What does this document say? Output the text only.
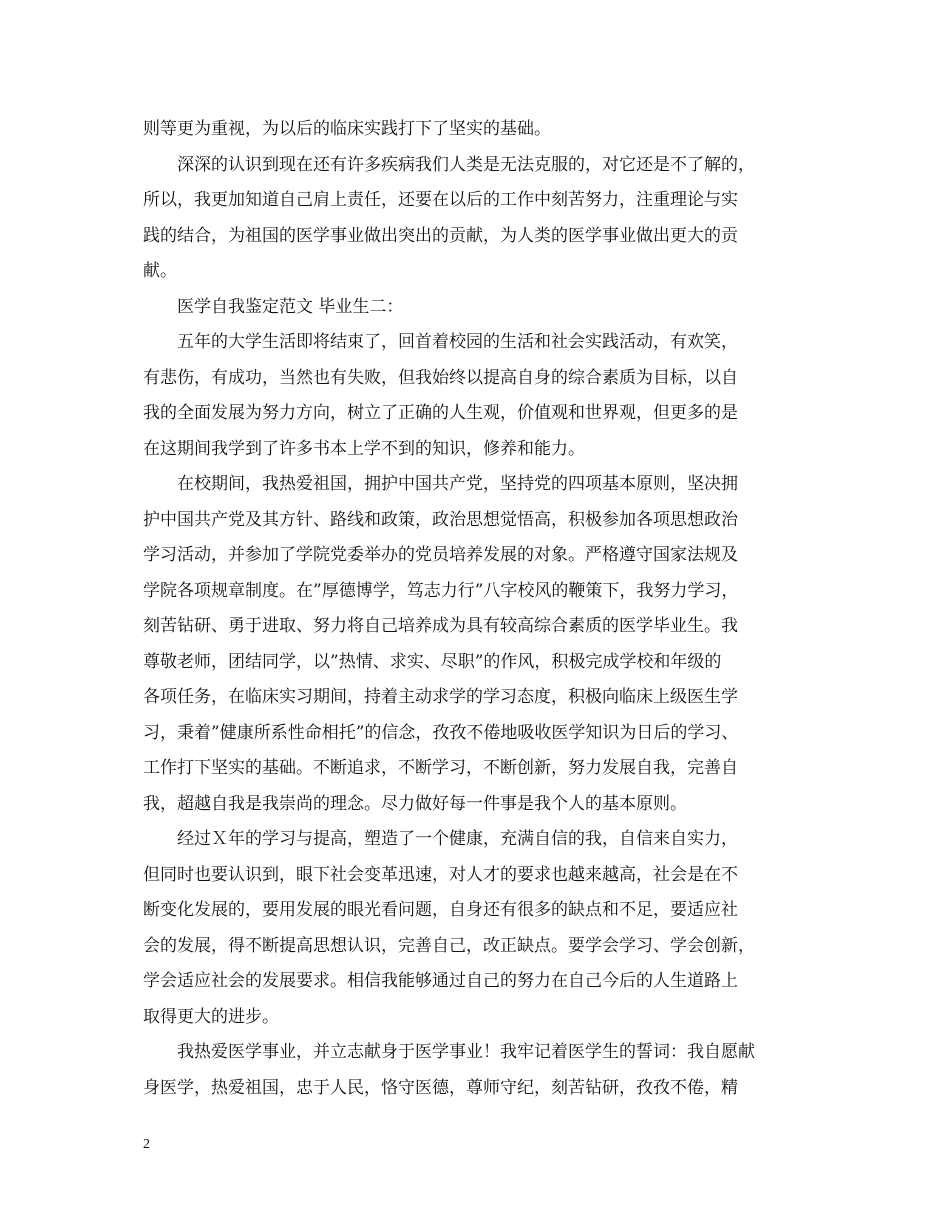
则等更为重视，为以后的临床实践打下了坚实的基础。
深深的认识到现在还有许多疾病我们人类是无法克服的，对它还是不了解的，
所以，我更加知道自己肩上责任，还要在以后的工作中刻苦努力，注重理论与实
践的结合，为祖国的医学事业做出突出的贡献，为人类的医学事业做出更大的贡
献。
医学自我鉴定范文 毕业生二：
五年的大学生活即将结束了，回首着校园的生活和社会实践活动，有欢笑，
有悲伤，有成功，当然也有失败，但我始终以提高自身的综合素质为目标，以自
我的全面发展为努力方向，树立了正确的人生观，价值观和世界观，但更多的是
在这期间我学到了许多书本上学不到的知识，修养和能力。
在校期间，我热爱祖国，拥护中国共产党，坚持党的四项基本原则，坚决拥
护中国共产党及其方针、路线和政策，政治思想觉悟高，积极参加各项思想政治
学习活动，并参加了学院党委举办的党员培养发展的对象。严格遵守国家法规及
学院各项规章制度。在”厚德博学，笃志力行”八字校风的鞭策下，我努力学习，
刻苦钻研、勇于进取、努力将自己培养成为具有较高综合素质的医学毕业生。我
尊敬老师，团结同学，以”热情、求实、尽职”的作风，积极完成学校和年级的
各项任务，在临床实习期间，持着主动求学的学习态度，积极向临床上级医生学
习，秉着”健康所系性命相托”的信念，孜孜不倦地吸收医学知识为日后的学习、
工作打下坚实的基础。不断追求，不断学习，不断创新，努力发展自我，完善自
我，超越自我是我崇尚的理念。尽力做好每一件事是我个人的基本原则。
经过Ｘ年的学习与提高，塑造了一个健康，充满自信的我，自信来自实力，
但同时也要认识到，眼下社会变革迅速，对人才的要求也越来越高，社会是在不
断变化发展的，要用发展的眼光看问题，自身还有很多的缺点和不足，要适应社
会的发展，得不断提高思想认识，完善自己，改正缺点。要学会学习、学会创新，
学会适应社会的发展要求。相信我能够通过自己的努力在自己今后的人生道路上
取得更大的进步。
我热爱医学事业，并立志献身于医学事业！我牢记着医学生的誓词：我自愿献
身医学，热爱祖国，忠于人民，恪守医德，尊师守纪，刻苦钻研，孜孜不倦，精
2
